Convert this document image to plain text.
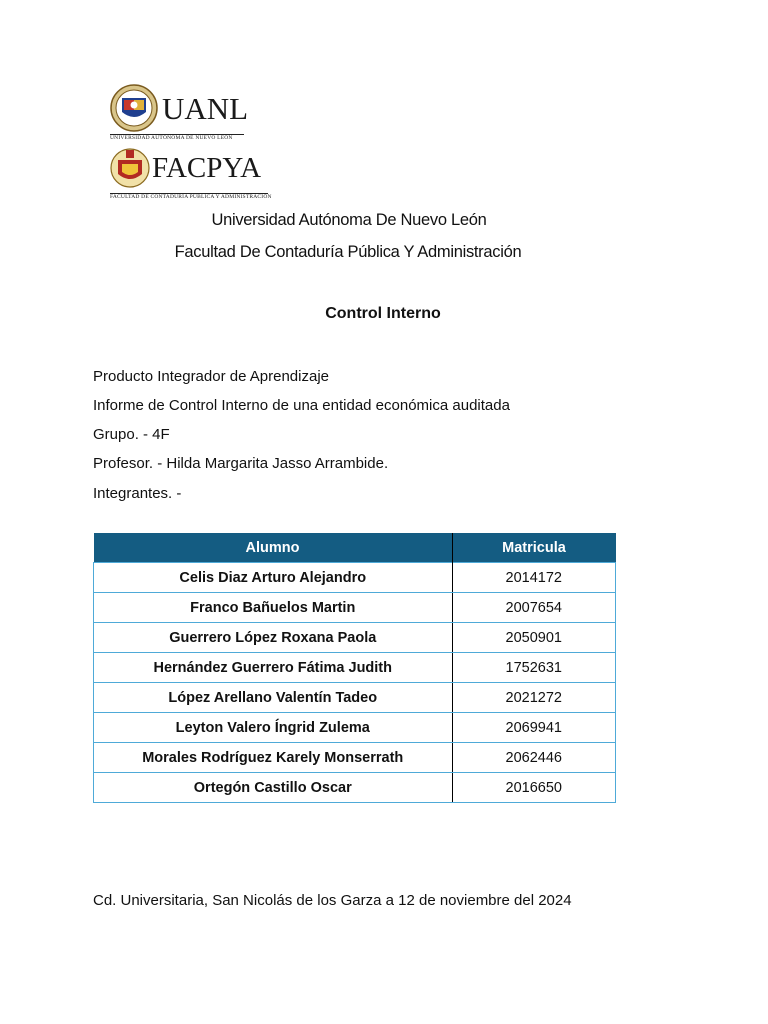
UANL
UNIVERSIDAD AUTÓNOMA DE NUEVO LEÓN
FACPYA
FACULTAD DE CONTADURÍA PÚBLICA Y ADMINISTRACIÓN
Universidad Autónoma De Nuevo León
Facultad De Contaduría Pública Y Administración
Control Interno
Producto Integrador de Aprendizaje
Informe de Control Interno de una entidad económica auditada
Grupo. - 4F
Profesor. - Hilda Margarita Jasso Arrambide.
Integrantes. -
Alumno	Matricula
Celis Diaz Arturo Alejandro	2014172
Franco Bañuelos Martin	2007654
Guerrero López Roxana Paola	2050901
Hernández Guerrero Fátima Judith	1752631
López Arellano Valentín Tadeo	2021272
Leyton Valero Íngrid Zulema	2069941
Morales Rodríguez Karely Monserrath	2062446
Ortegón Castillo Oscar	2016650
Cd. Universitaria, San Nicolás de los Garza a 12 de noviembre del 2024
